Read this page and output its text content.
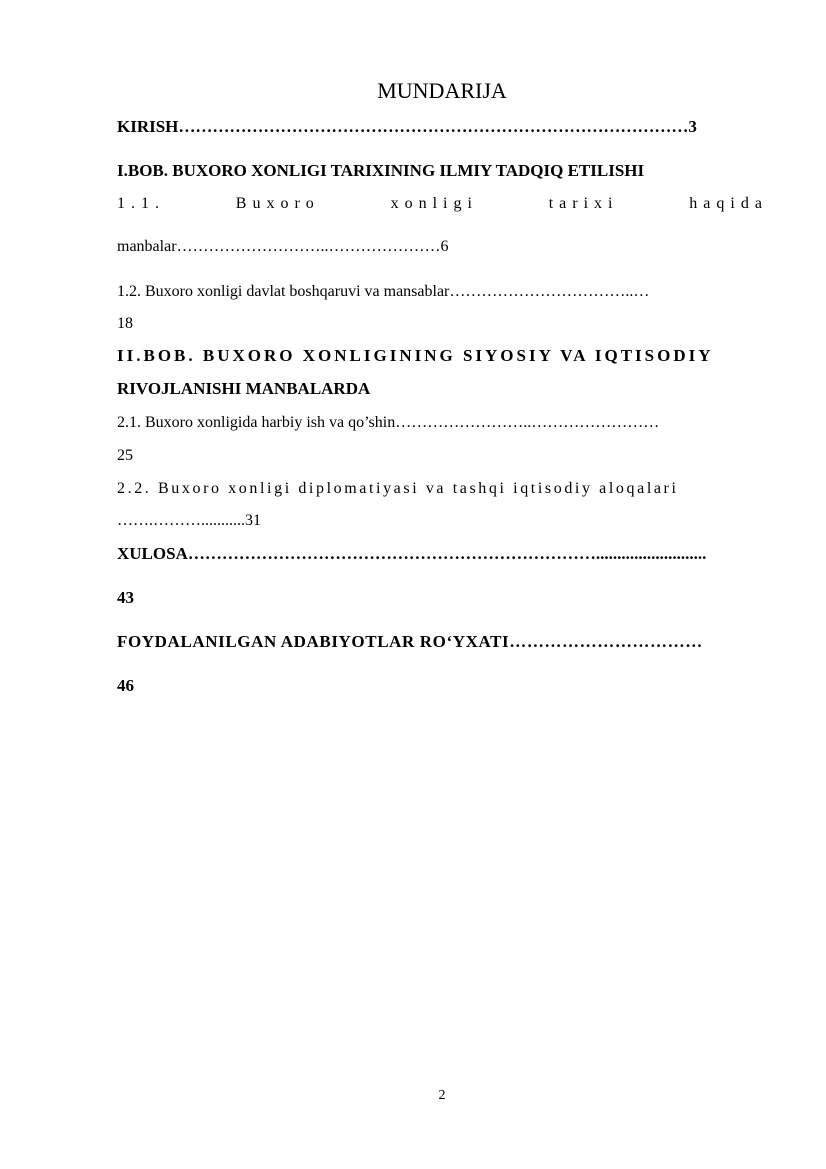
MUNDARIJA

KIRISH………………………………………………………………………………3

I.BOB. BUXORO XONLIGI TARIXINING ILMIY TADQIQ ETILISHI

1.1.	Buxoro	xonligi	tarixi	haqida

manbalar………………………..…………………6

1.2. Buxoro xonligi davlat boshqaruvi va mansablar……………………………..…

18

II.BOB. BUXORO XONLIGINING SIYOSIY VA IQTISODIY

RIVOJLANISHI MANBALARDA

2.1. Buxoro xonligida harbiy ish va qo’shin……………………..……………………

25

2.2. Buxoro xonligi diplomatiyasi va tashqi iqtisodiy aloqalari

…….………...........31

XULOSA………………………………………………………………..........................

43

FOYDALANILGAN ADABIYOTLAR RO‘YXATI……………………………

46

2
